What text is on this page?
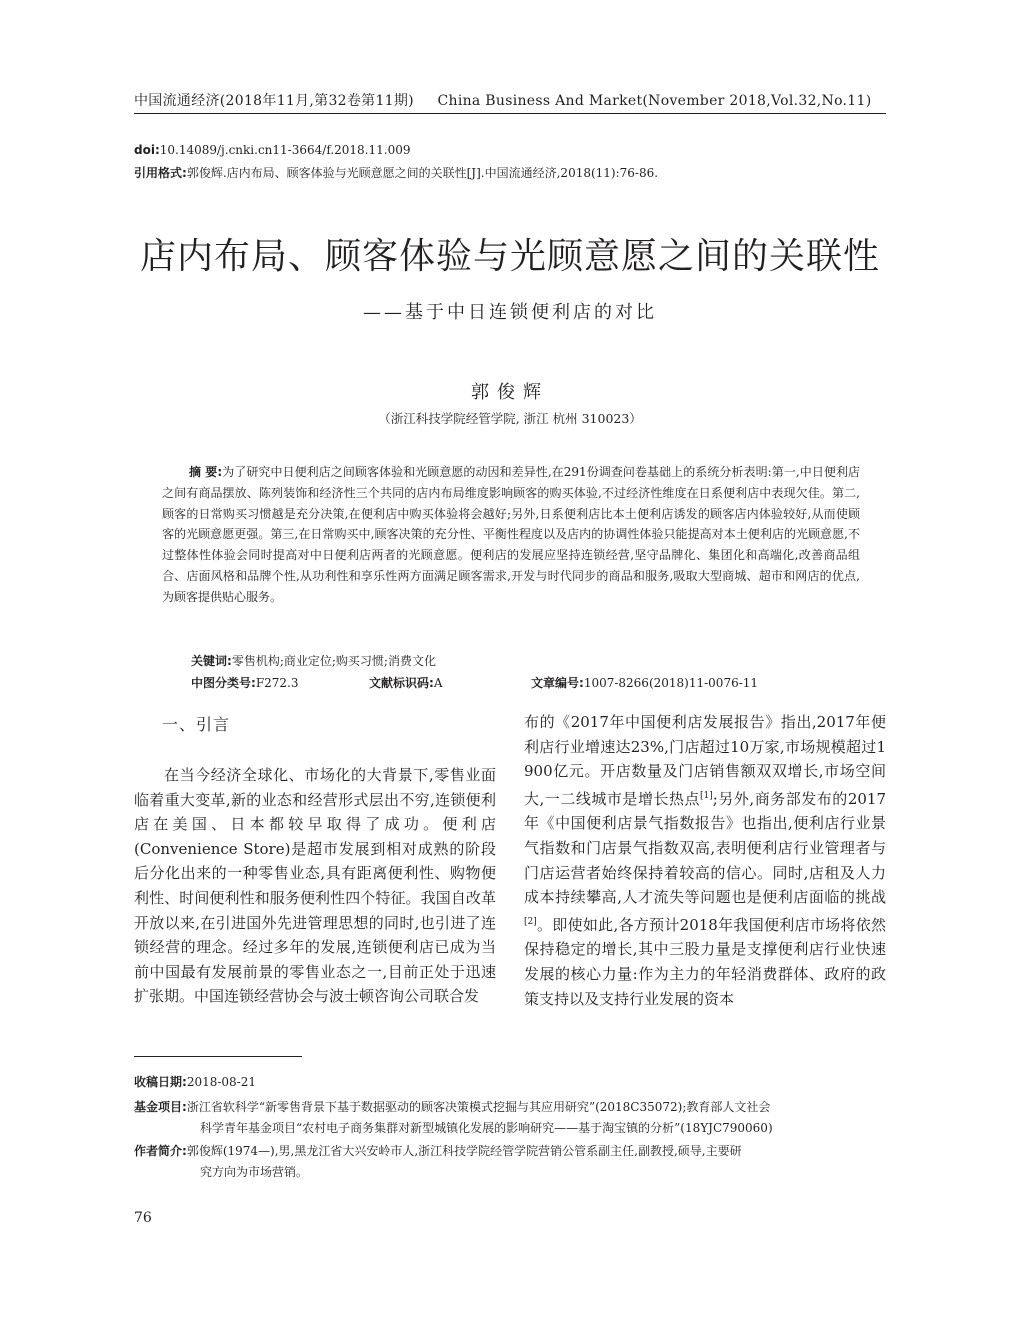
中国流通经济(2018年11月,第32卷第11期) China Business And Market(November 2018,Vol.32,No.11)
doi:10.14089/j.cnki.cn11-3664/f.2018.11.009
引用格式:郭俊辉.店内布局、顾客体验与光顾意愿之间的关联性[J].中国流通经济,2018(11):76-86.
店内布局、顾客体验与光顾意愿之间的关联性
——基于中日连锁便利店的对比
郭俊辉
（浙江科技学院经管学院, 浙江 杭州 310023）
摘 要:为了研究中日便利店之间顾客体验和光顾意愿的动因和差异性,在291份调查问卷基础上的系统分析表明:第一,中日便利店之间有商品摆放、陈列装饰和经济性三个共同的店内布局维度影响顾客的购买体验,不过经济性维度在日系便利店中表现欠佳。第二,顾客的日常购买习惯越是充分决策,在便利店中购买体验将会越好;另外,日系便利店比本土便利店诱发的顾客店内体验较好,从而使顾客的光顾意愿更强。第三,在日常购买中,顾客决策的充分性、平衡性程度以及店内的协调性体验只能提高对本土便利店的光顾意愿,不过整体性体验会同时提高对中日便利店两者的光顾意愿。便利店的发展应坚持连锁经营,坚守品牌化、集团化和高端化,改善商品组合、店面风格和品牌个性,从功利性和享乐性两方面满足顾客需求,开发与时代同步的商品和服务,吸取大型商城、超市和网店的优点,为顾客提供贴心服务。
关键词:零售机构;商业定位;购买习惯;消费文化
中图分类号:F272.3	文献标识码:A	文章编号:1007-8266(2018)11-0076-11
一、引言
在当今经济全球化、市场化的大背景下,零售业面临着重大变革,新的业态和经营形式层出不穷,连锁便利店在美国、日本都较早取得了成功。便利店(Convenience Store)是超市发展到相对成熟的阶段后分化出来的一种零售业态,具有距离便利性、购物便利性、时间便利性和服务便利性四个特征。我国自改革开放以来,在引进国外先进管理思想的同时,也引进了连锁经营的理念。经过多年的发展,连锁便利店已成为当前中国最有发展前景的零售业态之一,目前正处于迅速扩张期。中国连锁经营协会与波士顿咨询公司联合发
布的《2017年中国便利店发展报告》指出,2017年便利店行业增速达23%,门店超过10万家,市场规模超过1 900亿元。开店数量及门店销售额双双增长,市场空间大,一二线城市是增长热点[1];另外,商务部发布的2017年《中国便利店景气指数报告》也指出,便利店行业景气指数和门店景气指数双高,表明便利店行业管理者与门店运营者始终保持着较高的信心。同时,店租及人力成本持续攀高,人才流失等问题也是便利店面临的挑战[2]。即使如此,各方预计2018年我国便利店市场将依然保持稳定的增长,其中三股力量是支撑便利店行业快速发展的核心力量:作为主力的年轻消费群体、政府的政策支持以及支持行业发展的资本
收稿日期:2018-08-21
基金项目:浙江省软科学“新零售背景下基于数据驱动的顾客决策模式挖掘与其应用研究”(2018C35072);教育部人文社会
科学青年基金项目“农村电子商务集群对新型城镇化发展的影响研究——基于淘宝镇的分析”(18YJC790060)
作者简介:郭俊辉(1974—),男,黑龙江省大兴安岭市人,浙江科技学院经管学院营销公管系副主任,副教授,硕导,主要研
究方向为市场营销。
76
